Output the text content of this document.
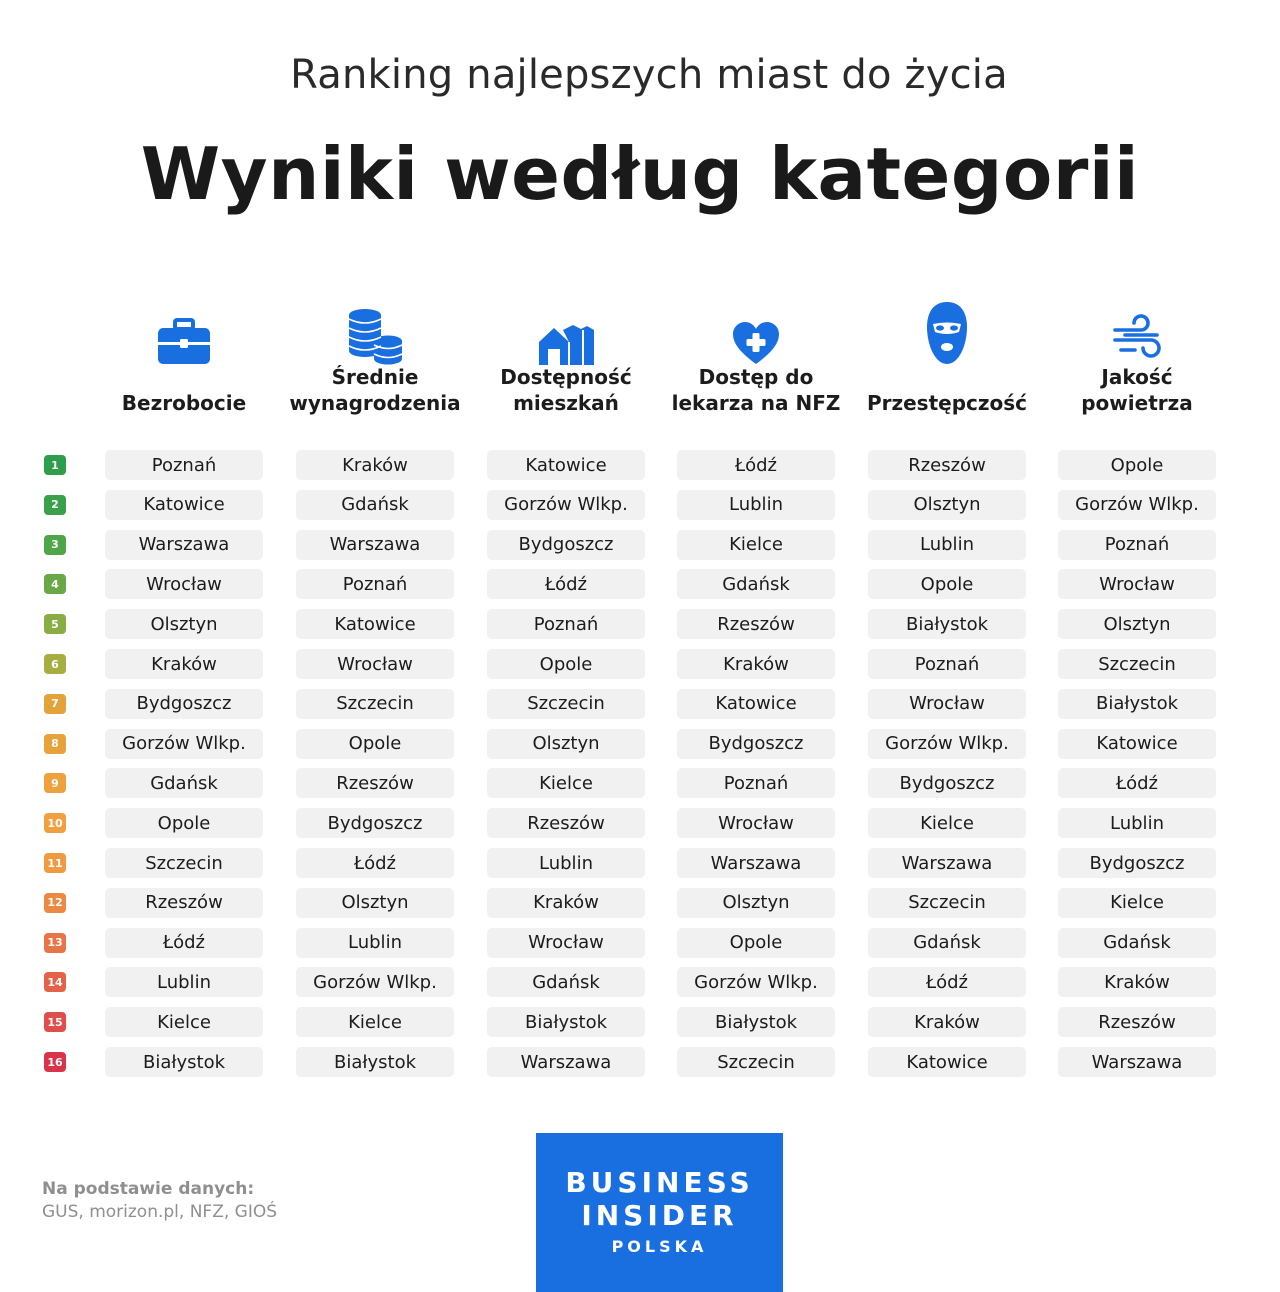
Ranking najlepszych miast do życia
Wyniki według kategorii
Bezrobocie
Poznań
Katowice
Warszawa
Wrocław
Olsztyn
Kraków
Bydgoszcz
Gorzów Wlkp.
Gdańsk
Opole
Szczecin
Rzeszów
Łódź
Lublin
Kielce
Białystok
Średnie
wynagrodzenia
Kraków
Gdańsk
Warszawa
Poznań
Katowice
Wrocław
Szczecin
Opole
Rzeszów
Bydgoszcz
Łódź
Olsztyn
Lublin
Gorzów Wlkp.
Kielce
Białystok
Dostępność
mieszkań
Katowice
Gorzów Wlkp.
Bydgoszcz
Łódź
Poznań
Opole
Szczecin
Olsztyn
Kielce
Rzeszów
Lublin
Kraków
Wrocław
Gdańsk
Białystok
Warszawa
Dostęp do
lekarza na NFZ
Łódź
Lublin
Kielce
Gdańsk
Rzeszów
Kraków
Katowice
Bydgoszcz
Poznań
Wrocław
Warszawa
Olsztyn
Opole
Gorzów Wlkp.
Białystok
Szczecin
Przestępczość
Rzeszów
Olsztyn
Lublin
Opole
Białystok
Poznań
Wrocław
Gorzów Wlkp.
Bydgoszcz
Kielce
Warszawa
Szczecin
Gdańsk
Łódź
Kraków
Katowice
Jakość
powietrza
Opole
Gorzów Wlkp.
Poznań
Wrocław
Olsztyn
Szczecin
Białystok
Katowice
Łódź
Lublin
Bydgoszcz
Kielce
Gdańsk
Kraków
Rzeszów
Warszawa
1
2
3
4
5
6
7
8
9
10
11
12
13
14
15
16
Na podstawie danych:
GUS, morizon.pl, NFZ, GIOŚ
BUSINESS
INSIDER
POLSKA
